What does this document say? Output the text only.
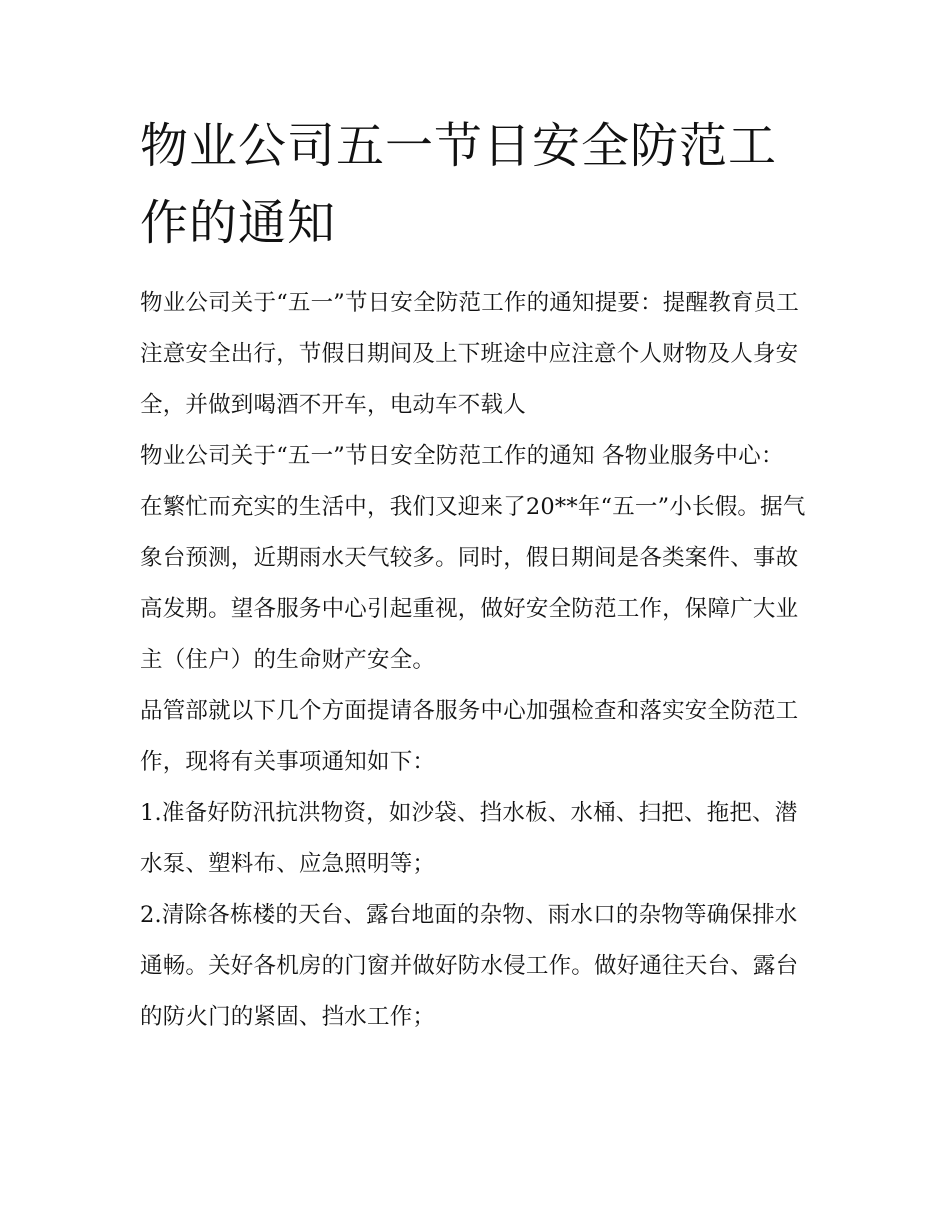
物业公司五一节日安全防范工作的通知

物业公司关于“五一”节日安全防范工作的通知提要：提醒教育员工注意安全出行，节假日期间及上下班途中应注意个人财物及人身安全，并做到喝酒不开车，电动车不载人

物业公司关于“五一”节日安全防范工作的通知 各物业服务中心：

在繁忙而充实的生活中，我们又迎来了20**年“五一”小长假。据气象台预测，近期雨水天气较多。同时，假日期间是各类案件、事故高发期。望各服务中心引起重视，做好安全防范工作，保障广大业主（住户）的生命财产安全。

品管部就以下几个方面提请各服务中心加强检查和落实安全防范工作，现将有关事项通知如下：

1.准备好防汛抗洪物资，如沙袋、挡水板、水桶、扫把、拖把、潜水泵、塑料布、应急照明等；

2.清除各栋楼的天台、露台地面的杂物、雨水口的杂物等确保排水通畅。关好各机房的门窗并做好防水侵工作。做好通往天台、露台的防火门的紧固、挡水工作；
